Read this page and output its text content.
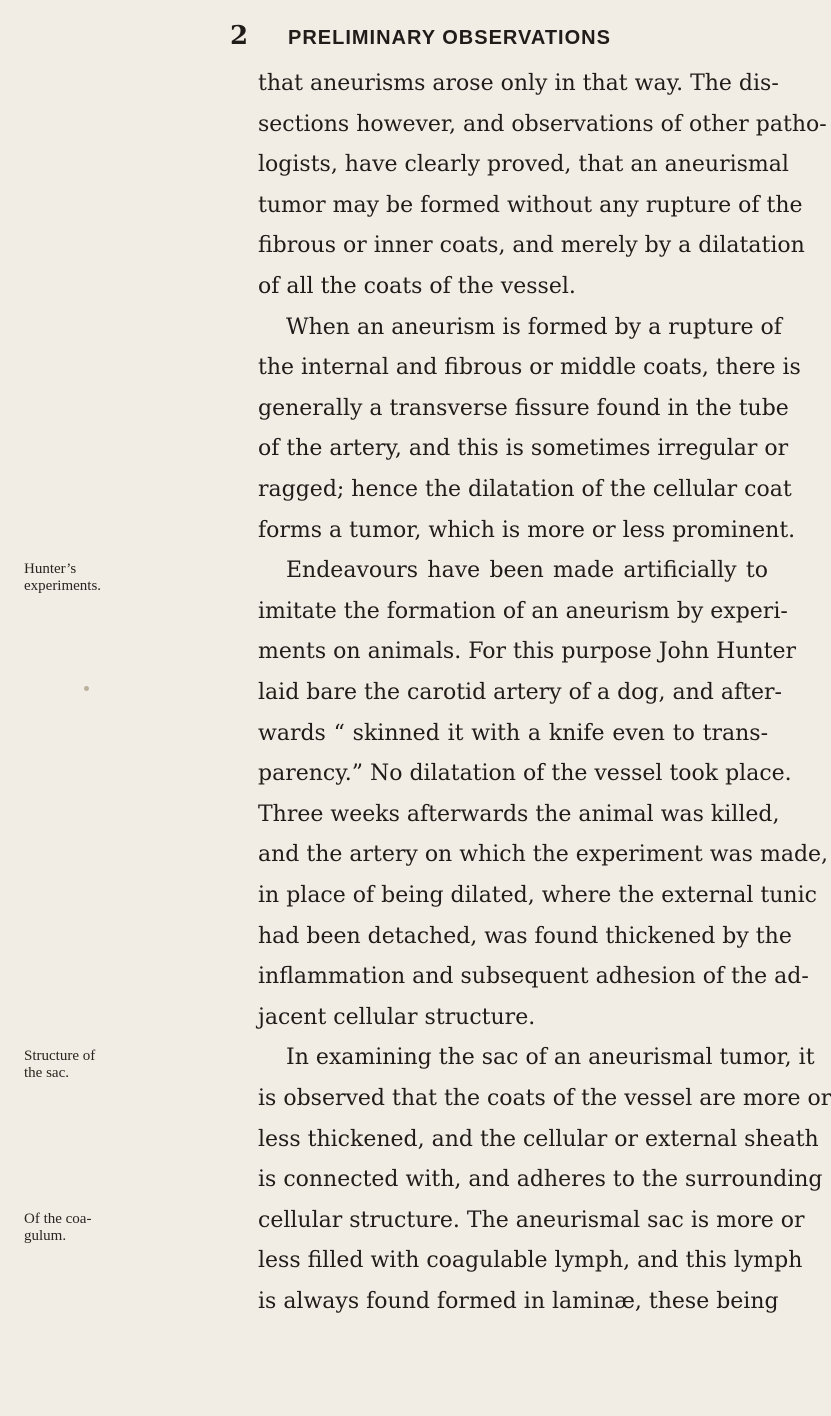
2 PRELIMINARY OBSERVATIONS
Hunter’s
experiments.
Structure of
the sac.
Of the coa-
gulum.
that aneurisms arose only in that way. The dis-
sections however, and observations of other patho-
logists, have clearly proved, that an aneurismal
tumor may be formed without any rupture of the
fibrous or inner coats, and merely by a dilatation
of all the coats of the vessel.
When an aneurism is formed by a rupture of
the internal and fibrous or middle coats, there is
generally a transverse fissure found in the tube
of the artery, and this is sometimes irregular or
ragged; hence the dilatation of the cellular coat
forms a tumor, which is more or less prominent.
Endeavours have been made artificially to
imitate the formation of an aneurism by experi-
ments on animals. For this purpose John Hunter
laid bare the carotid artery of a dog, and after-
wards “ skinned it with a knife even to trans-
parency.” No dilatation of the vessel took place.
Three weeks afterwards the animal was killed,
and the artery on which the experiment was made,
in place of being dilated, where the external tunic
had been detached, was found thickened by the
inflammation and subsequent adhesion of the ad-
jacent cellular structure.
In examining the sac of an aneurismal tumor, it
is observed that the coats of the vessel are more or
less thickened, and the cellular or external sheath
is connected with, and adheres to the surrounding
cellular structure. The aneurismal sac is more or
less filled with coagulable lymph, and this lymph
is always found formed in laminæ, these being
